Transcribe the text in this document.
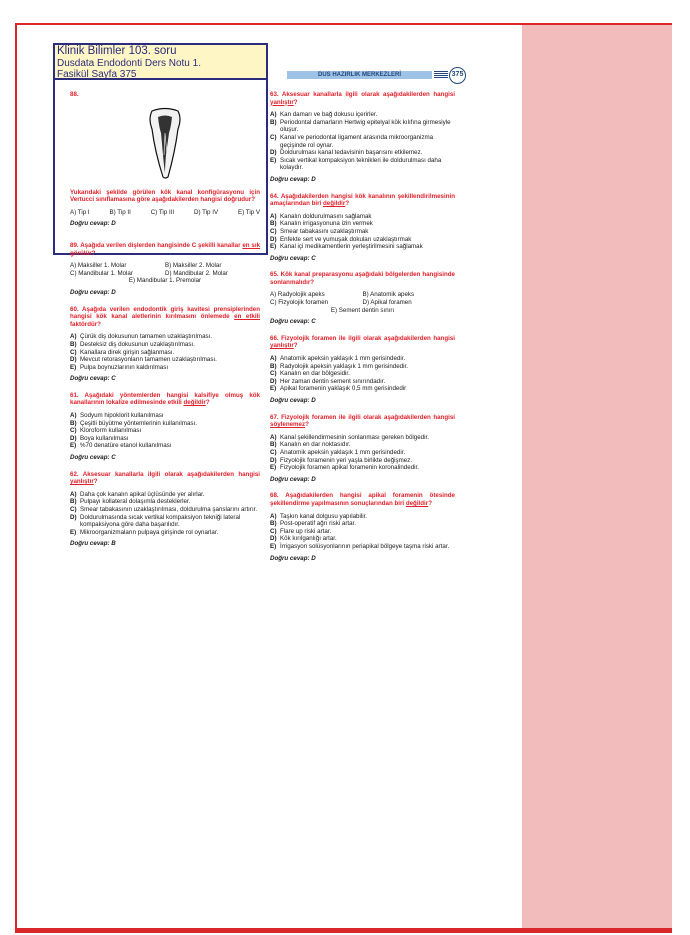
Klinik Bilimler 103. soru
Dusdata Endodonti Ders Notu 1.
Fasikül Sayfa 375	DUS HAZIRLIK MERKEZLERİ	375
88.
Yukarıdaki şekilde görülen kök kanal konfigürasyonu için Vertucci sınıflamasına göre aşağıdakilerden hangisi doğrudur?
A) Tip I	B) Tip II	C) Tip III	D) Tip IV	E) Tip V
Doğru cevap: D
89. Aşağıda verilen dişlerden hangisinde C şekilli kanallar en sık görülür?
A) Maksiller 1. Molar	B) Maksiller 2. Molar
C) Mandibular 1. Molar	D) Mandibular 2. Molar
E) Mandibular 1. Premolar
Doğru cevap: D
60. Aşağıda verilen endodontik giriş kavitesi prensiplerinden hangisi kök kanal aletlerinin kırılmasını önlemede en etkili faktördür?
A) Çürük diş dokusunun tamamen uzaklaştırılması.
B) Desteksiz diş dokusunun uzaklaştırılması.
C) Kanallara direk girişin sağlanması.
D) Mevcut retorasyonların tamamen uzaklaştırılması.
E) Pulpa boynuzlarının kaldırılması
Doğru cevap: C
61. Aşağıdaki yöntemlerden hangisi kalsifiye olmuş kök kanallarının lokalize edilmesinde etkili değildir?
A) Sodyum hipoklorit kullanılması
B) Çeşitli büyütme yöntemlerinin kullanılması.
C) Kloroform kullanılması
D) Boya kullanılması
E) %70 denatüre etanol kullanılması
Doğru cevap: C
62. Aksesuar kanallarla ilgili olarak aşağıdakilerden hangisi yanlıştır?
A) Daha çok kanalın apikal üçlüsünde yer alırlar.
B) Pulpayı kollateral dolaşımla desteklerler.
C) Smear tabakasının uzaklaştırılması, doldurulma şanslarını artırır.
D) Doldurulmasında sıcak vertikal kompaksiyon tekniği lateral kompaksiyona göre daha başarılıdır.
E) Mikroorganizmaların pulpaya girişinde rol oynarlar.
Doğru cevap: B
63. Aksesuar kanallarla ilgili olarak aşağıdakilerden hangisi yanlıştır?
A) Kan damarı ve bağ dokusu içerirler.
B) Periodontal damarların Hertwig epitelyal kök kılıfına girmesiyle oluşur.
C) Kanal ve periodontal ligament arasında mikroorganizma geçişinde rol oynar.
D) Doldurulması kanal tedavisinin başarısını etkilemez.
E) Sıcak vertikal kompaksiyon teknikleri ile doldurulması daha kolaydır.
Doğru cevap: D
64. Aşağıdakilerden hangisi kök kanalının şekillendirilmesinin amaçlarından biri değildir?
A) Kanalın doldurulmasını sağlamak
B) Kanalın irrigasyonuna izin vermek
C) Smear tabakasını uzaklaştırmak
D) Enfekte sert ve yumuşak dokuları uzaklaştırmak
E) Kanal içi medikamentlerin yerleştirilmesini sağlamak
Doğru cevap: C
65. Kök kanal preparasyonu aşağıdaki bölgelerden hangisinde sonlanmalıdır?
A) Radyolojik apeks	B) Anatomik apeks
C) Fizyolojik foramen	D) Apikal foramen
E) Sement dentin sınırı
Doğru cevap: C
66. Fizyolojik foramen ile ilgili olarak aşağıdakilerden hangisi yanlıştır?
A) Anatomik apeksin yaklaşık 1 mm gerisindedir.
B) Radyolojik apeksin yaklaşık 1 mm gerisindedir.
C) Kanalın en dar bölgesidir.
D) Her zaman dentin sement sınırındadır.
E) Apikal foramenin yaklaşık 0,5 mm gerisindedir
Doğru cevap: D
67. Fizyolojik foramen ile ilgili olarak aşağıdakilerden hangisi söylenemez?
A) Kanal şekillendirmesinin sonlanması gereken bölgedir.
B) Kanalın en dar noktasıdır.
C) Anatomik apeksin yaklaşık 1 mm gerisindedir.
D) Fizyolojik foramenin yeri yaşla birlikte değişmez.
E) Fizyolojik foramen apikal foramenin koronalindedir.
Doğru cevap: D
68. Aşağıdakilerden hangisi apikal foramenin ötesinde şekillendirme yapılmasının sonuçlarından biri değildir?
A) Taşkın kanal dolgusu yapılabilir.
B) Post-operatif ağrı riski artar.
C) Flare up riski artar.
D) Kök kırılganlığı artar.
E) İrrigasyon solüsyonlarının periapikal bölgeye taşma riski artar.
Doğru cevap: D
